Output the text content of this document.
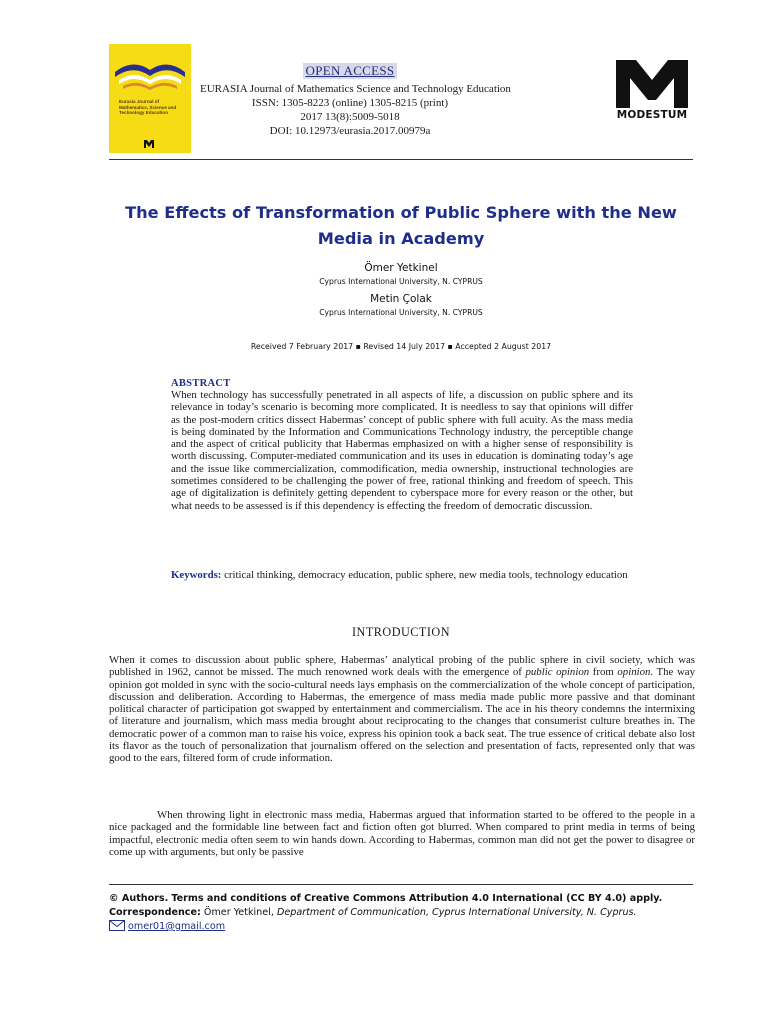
Eurasia Journal of Mathematics, Science and Technology Education
OPEN ACCESS

EURASIA Journal of Mathematics Science and Technology Education

ISSN: 1305-8223 (online) 1305-8215 (print)

2017 13(8):5009-5018

DOI: 10.12973/eurasia.2017.00979a

MODESTUM
The Effects of Transformation of Public Sphere with the New Media in Academy
Ömer Yetkinel
Cyprus International University, N. CYPRUS
Metin Çolak
Cyprus International University, N. CYPRUS
Received 7 February 2017 ▪ Revised 14 July 2017 ▪ Accepted 2 August 2017
ABSTRACT

When technology has successfully penetrated in all aspects of life, a discussion on public sphere and its relevance in today’s scenario is becoming more complicated. It is needless to say that opinions will differ as the post-modern critics dissect Habermas’ concept of public sphere with full acuity. As the mass media is being dominated by the Information and Communications Technology industry, the perceptible change and the aspect of critical publicity that Habermas emphasized on with a higher sense of responsibility is worth discussing. Computer-mediated communication and its uses in education is dominating today’s age and the issue like commercialization, commodification, media ownership, instructional technologies are sometimes considered to be challenging the power of free, rational thinking and freedom of speech. This age of digitalization is definitely getting dependent to cyberspace more for every reason or the other, but what needs to be assessed is if this dependency is effecting the freedom of democratic discussion.

Keywords: critical thinking, democracy education, public sphere, new media tools, technology education

INTRODUCTION

When it comes to discussion about public sphere, Habermas’ analytical probing of the public sphere in civil society, which was published in 1962, cannot be missed. The much renowned work deals with the emergence of public opinion from opinion. The way opinion got molded in sync with the socio-cultural needs lays emphasis on the commercialization of the whole concept of participation, discussion and deliberation. According to Habermas, the emergence of mass media made public more passive and that dominant political character of participation got swapped by entertainment and commercialism. The ace in his theory condemns the intermixing of literature and journalism, which mass media brought about reciprocating to the changes that consumerist culture breathes in. The democratic power of a common man to raise his voice, express his opinion took a back seat. The true essence of critical debate also lost its flavor as the touch of personalization that journalism offered on the selection and presentation of facts, represented only that was good to the ears, filtered form of crude information.

When throwing light in electronic mass media, Habermas argued that information started to be offered to the people in a nice packaged and the formidable line between fact and fiction often got blurred. When compared to print media in terms of being impactful, electronic media often seem to win hands down. According to Habermas, common man did not get the power to disagree or come up with arguments, but only be passive

© Authors. Terms and conditions of Creative Commons Attribution 4.0 International (CC BY 4.0) apply.

Correspondence: Ömer Yetkinel, Department of Communication, Cyprus International University, N. Cyprus.

omer01@gmail.com
